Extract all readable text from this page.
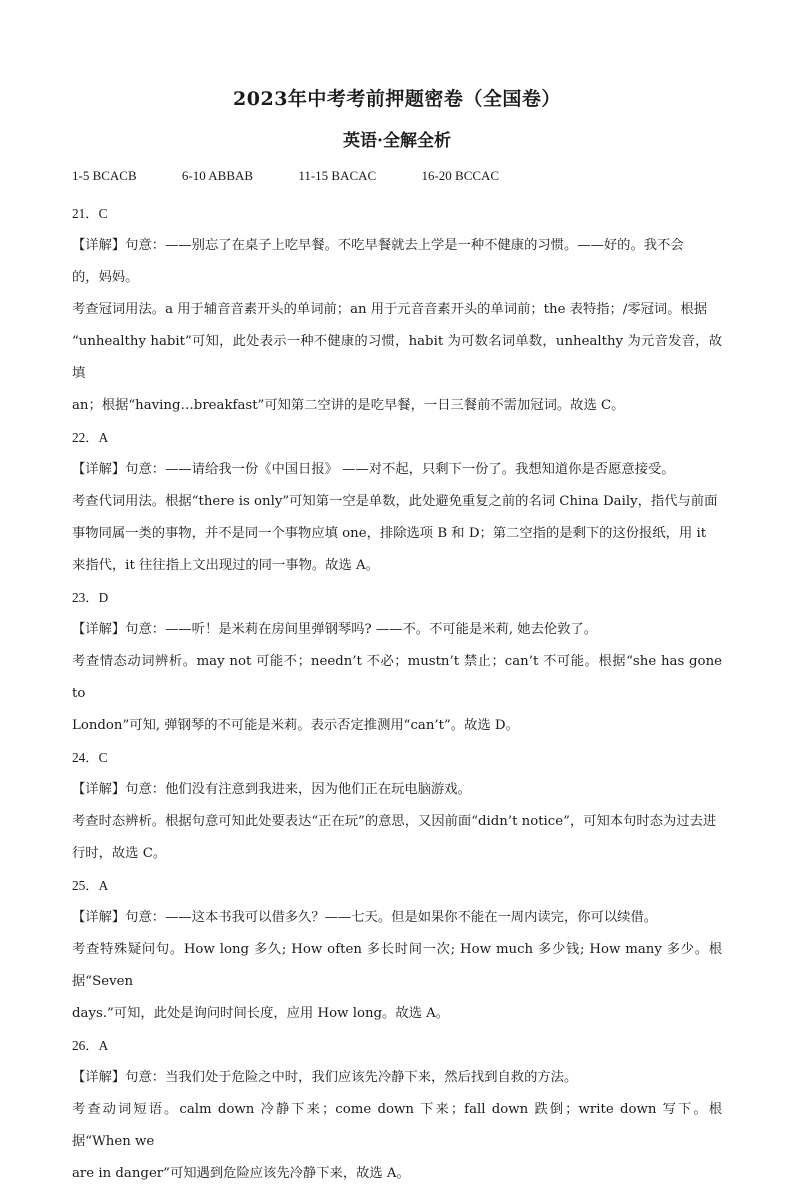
2023年中考考前押题密卷（全国卷）
英语·全解全析
1-5 BCACB	6-10 ABBAB	11-15 BACAC	16-20 BCCAC
21．C
【详解】句意：——别忘了在桌子上吃早餐。不吃早餐就去上学是一种不健康的习惯。——好的。我不会
的，妈妈。
考查冠词用法。a 用于辅音音素开头的单词前；an 用于元音音素开头的单词前；the 表特指；/零冠词。根据
“unhealthy habit”可知，此处表示一种不健康的习惯，habit 为可数名词单数，unhealthy 为元音发音，故填
an；根据“having…breakfast”可知第二空讲的是吃早餐，一日三餐前不需加冠词。故选 C。
22．A
【详解】句意：——请给我一份《中国日报》 ——对不起，只剩下一份了。我想知道你是否愿意接受。
考查代词用法。根据“there is only”可知第一空是单数，此处避免重复之前的名词 China Daily，指代与前面
事物同属一类的事物，并不是同一个事物应填 one，排除选项 B 和 D；第二空指的是剩下的这份报纸，用 it
来指代，it 往往指上文出现过的同一事物。故选 A。
23．D
【详解】句意：——听！是米莉在房间里弹钢琴吗? ——不。不可能是米莉, 她去伦敦了。
考查情态动词辨析。may not 可能不；needn’t 不必；mustn’t 禁止；can’t 不可能。根据“she has gone to
London”可知, 弹钢琴的不可能是米莉。表示否定推测用“can’t”。故选 D。
24．C
【详解】句意：他们没有注意到我进来，因为他们正在玩电脑游戏。
考查时态辨析。根据句意可知此处要表达“正在玩”的意思，又因前面“didn’t notice”，可知本句时态为过去进
行时，故选 C。
25．A
【详解】句意：——这本书我可以借多久？——七天。但是如果你不能在一周内读完，你可以续借。
考查特殊疑问句。How long 多久; How often 多长时间一次; How much 多少钱; How many 多少。根据“Seven
days.”可知，此处是询问时间长度，应用 How long。故选 A。
26．A
【详解】句意：当我们处于危险之中时，我们应该先冷静下来，然后找到自救的方法。
考查动词短语。calm down 冷静下来；come down 下来；fall down 跌倒；write down 写下。根据“When we
are in danger”可知遇到危险应该先冷静下来，故选 A。
